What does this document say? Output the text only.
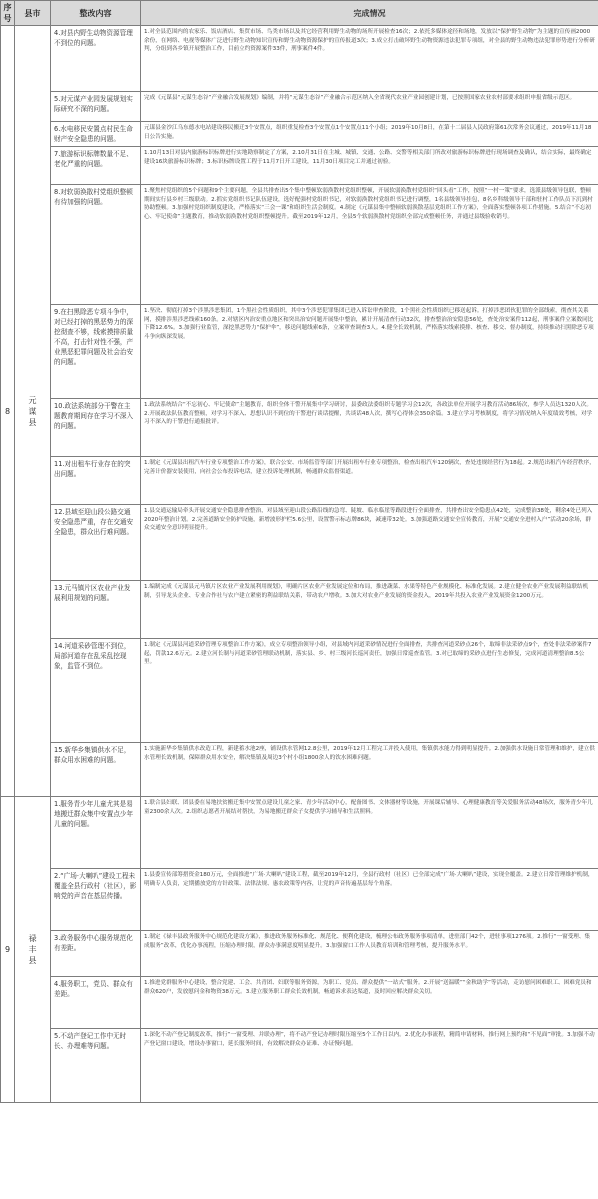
序号	县市	整改内容	完成情况
8	元谋县	4.对县内野生动物资源管理不到位的问题。	1.对全县范围内的农家乐、饭店酒店、集贸市场、鸟类市场以及其它经营利用野生动物的场所开展检查16次；2.依托多媒体途径和场地，发放以“保护野生动物”为主题的宣传画2000余份，在网络、电视等媒体广泛进行野生动物知识宣传和野生动物资源保护的宣传报道3次；3.成立打击破坏野生动物资源违法犯罪专项组，对全县的野生动物违法犯罪形势进行分析研判，分组到各乡镇开展整治工作，目前立约资源案件33件，刑事案件4件。
		5.对元谋产业园发展规划实际研究不深的问题。	完成《元谋县“元谋生态谷”产业融合发展规划》编制，并将“元谋生态谷”产业融合示范区纳入全省现代农业产业园创建计划，已按照国家农业农村部要求组织申报省级示范区。
		6.水电移民安置点村民生命财产安全隐患的问题。	元谋县金沙江乌东德水电站建设移民搬迁3个安置点，组织重复检查3个安置点1个安置点11个小组；2019年10月8日，在第十二届县人民政府第61次常务会议通过，2019年11月18日公告实施。
		7.旅游标识标牌数量不足、老化严重的问题。	1.10月13日对县内旅游标识标牌进行实地勘察制定了方案，2.10月31日在主城、城镇、交通、公路、交警等相关部门所改对旅游标识标牌进行现场调查及确认，结合实际，最终确定建设16块旅游标识标牌；3.标识标牌设置工程于11月7日开工建设，11月30日项目完工并通过初验。
		8.对软弱涣散村党组织整顿有待加强的问题。	1.聚焦村党组织的5个问题和9个主要问题，全县共排查出5个集中整顿软弱涣散村党组织整顿，开展软弱涣散村党组织“回头看”工作，按照“一村一策”要求，选派县级领导包联，整顿期间实行县乡村三级联动。2.抓实党组织书记队伍建设，选好配强村党组织书记，对软弱涣散村党组织书记进行调整，1名县级领导挂包，8名乡科级领导干部和驻村工作队员下沉到村协助整顿。3.加强村党组织制度建设，严格落实“三会一课”和组织生活会制度。4.制定《元谋县集中整顿软弱涣散基层党组织工作方案》，全面落实整顿各项工作措施。5.结合“不忘初心、牢记使命”主题教育，推动软弱涣散村党组织整顿提升。截至2019年12月，全县5个软弱涣散村党组织全部完成整顿任务，并通过县级验收销号。
		9.在扫黑除恶专项斗争中，对已经打掉的黑恶势力的深挖彻查不够，线索摸排质量不高，打击针对性不强，产业黑恶犯罪问题及社会治安的问题。	1.坚决、彻底打掉3个涉黑涉恶集团，1个黑社会性质组织，其中3个涉恶犯罪集团已进入诉讼审查阶段，1个黑社会性质组织已移送起诉。打掉涉恶团伙犯罪的全部线索，彻查其关系网，摸排涉黑涉恶线索160条。2.对辖区内治安重点地区和突出治安问题开展集中整治，累计开展清查行动32次，排查整治治安隐患56处，查处治安案件112起，刑事案件立案数同比下降12.6%。3.加强行业监管，深挖黑恶势力“保护伞”，移送问题线索6条，立案审查调查3人。4.健全长效机制，严格落实线索摸排、核查、移交、督办制度，持续推动扫黑除恶专项斗争向纵深发展。
		10.政法系统部分干警在主题教育期间存在学习不深入的问题。	1.政法系统结合“不忘初心、牢记使命”主题教育，组织全体干警开展集中学习研讨，县委政法委组织专题学习会12次，各政法单位开展学习教育活动86场次，参学人员达1320人次。2.开展政法队伍教育整顿，对学习不深入、思想认识不到位的干警进行谈话提醒，共谈话48人次，撰写心得体会350余篇。3.建立学习考核制度，将学习情况纳入年度绩效考核，对学习不深入的干警进行通报批评。
		11.对出租车行业存在的突出问题。	1.制定《元谋县出租汽车行业专项整治工作方案》，联合公安、市场监管等部门开展出租车行业专项整治，检查出租汽车120辆次，查处违规经营行为18起。2.规范出租汽车经营秩序，完善计价器安装使用，向社会公布投诉电话，建立投诉处理机制，畅通群众监督渠道。
		12.县域至迎山段公路交通安全隐患严重，存在交通安全隐患，群众出行难问题。	1.县交通运输局牵头开展交通安全隐患排查整治，对县域至迎山段公路沿线的急弯、陡坡、临水临崖等路段进行全面排查，共排查出安全隐患点42处，完成整治38处，剩余4处已列入2020年整治计划。2.完善道路安全防护设施，新增波形护栏5.6公里，设置警示标志牌86块，减速带32处。3.加强道路交通安全宣传教育，开展“交通安全进村入户”活动20余场，群众交通安全意识明显提升。
		13.元马镇片区农业产业发展利用规划的问题。	1.编制完成《元谋县元马镇片区农业产业发展利用规划》，明确片区农业产业发展定位和布局，推进蔬菜、水果等特色产业规模化、标准化发展。2.建立健全农业产业发展利益联结机制，引导龙头企业、专业合作社与农户建立紧密的利益联结关系，带动农户增收。3.加大对农业产业发展的资金投入，2019年共投入农业产业发展资金1200万元。
		14.河道采砂管理不到位，局部河道存在乱采乱挖现象，监管不到位。	1.制定《元谋县河道采砂管理专项整治工作方案》，成立专项整治领导小组，对县域内河道采砂情况进行全面排查，共排查河道采砂点26个，取缔非法采砂点9个，查处非法采砂案件7起，罚款12.6万元。2.建立河长制与河道采砂管理联动机制，落实县、乡、村三级河长巡河责任，加强日常巡查监管。3.对已取缔的采砂点进行生态修复，完成河道清理整治8.5公里。
		15.新华乡集镇供水不足，群众用水困难的问题。	1.实施新华乡集镇供水改造工程，新建蓄水池2座，铺设供水管网12.8公里，2019年12月工程完工并投入使用，集镇供水能力得到明显提升。2.加强供水设施日常管理和维护，建立供水管理长效机制，保障群众用水安全，解决集镇及周边3个村小组1800余人的饮水困难问题。
9	禄丰县	1.服务青少年儿童尤其是易地搬迁群众集中安置点少年儿童的问题。	1.联合县妇联、团县委在易地扶贫搬迁集中安置点建设儿童之家、青少年活动中心，配备图书、文体器材等设施，开展课后辅导、心理健康教育等关爱服务活动48场次，服务青少年儿童2300余人次。2.组织志愿者开展结对帮扶，为易地搬迁群众子女提供学习辅导和生活照料。
		2.“广场·大喇叭”建设工程未覆盖全县行政村（社区），影响党的声音在基层传播。	1.县委宣传部筹措资金180万元，全面推进“广场·大喇叭”建设工程，截至2019年12月，全县行政村（社区）已全部完成“广场·大喇叭”建设，实现全覆盖。2.建立日常管理维护机制，明确专人负责，定期播放党的方针政策、法律法规、惠农政策等内容，让党的声音传遍基层每个角落。
		3.政务服务中心服务规范化有差距。	1.制定《禄丰县政务服务中心规范化建设方案》，推进政务服务标准化、规范化、便利化建设，梳理公布政务服务事项清单，进驻部门42个，进驻事项1276项。2.推行“一窗受理、集成服务”改革，优化办事流程，压缩办理时限，群众办事满意度明显提升。3.加强窗口工作人员教育培训和管理考核，提升服务水平。
		4.服务职工，党员、群众有差距。	1.推进党群服务中心建设，整合党建、工会、共青团、妇联等服务资源，为职工、党员、群众提供“一站式”服务。2.开展“送温暖”“金秋助学”等活动，走访慰问困难职工、困难党员和群众620户，发放慰问金和物资38万元。3.建立服务职工群众长效机制，畅通诉求表达渠道，及时回应解决群众关切。
		5.不动产登记工作中无时长、办理难等问题。	1.深化不动产登记制度改革，推行“一窗受理、并联办理”，将不动产登记办理时限压缩至5个工作日以内。2.优化办事流程，精简申请材料，推行网上预约和“不见面”审批。3.加强不动产登记窗口建设，增设办事窗口，延长服务时间，有效解决群众办证难、办证慢问题。
